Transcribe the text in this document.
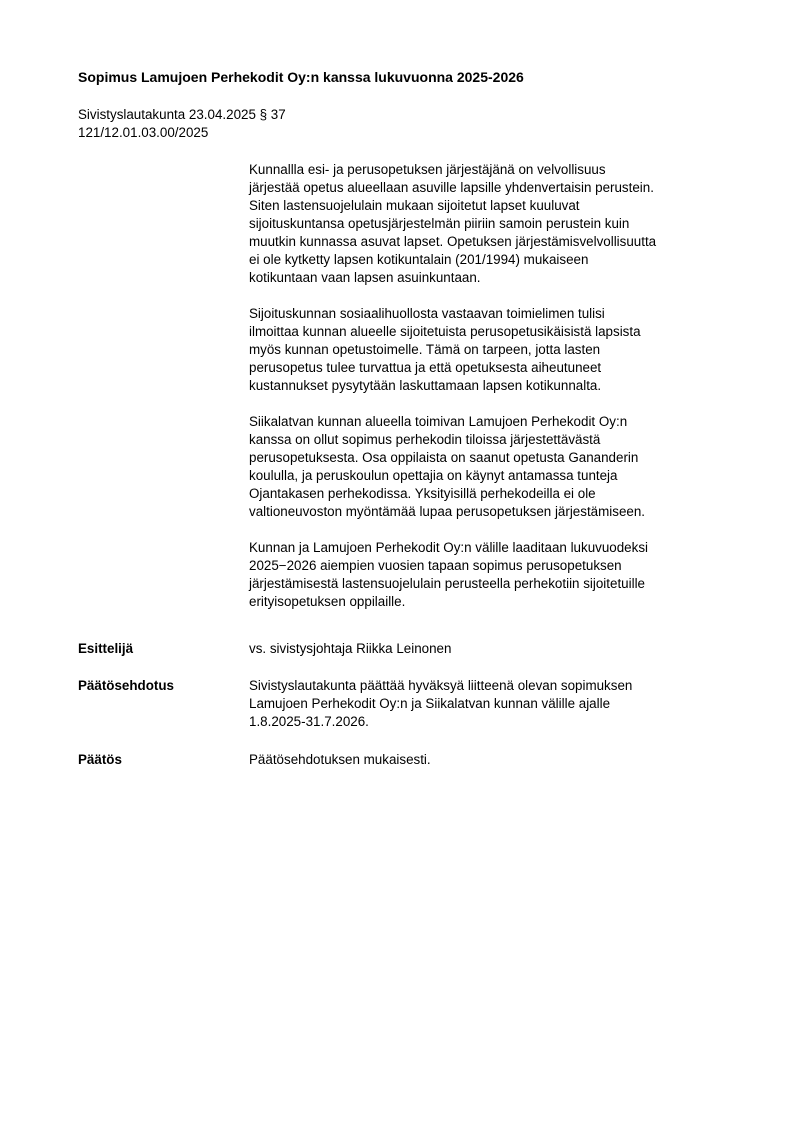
Sopimus Lamujoen Perhekodit Oy:n kanssa lukuvuonna 2025-2026
Sivistyslautakunta 23.04.2025 § 37
121/12.01.03.00/2025
Kunnallla esi- ja perusopetuksen järjestäjänä on velvollisuus
järjestää opetus alueellaan asuville lapsille yhdenvertaisin perustein.
Siten lastensuojelulain mukaan sijoitetut lapset kuuluvat
sijoituskuntansa opetusjärjestelmän piiriin samoin perustein kuin
muutkin kunnassa asuvat lapset. Opetuksen järjestämisvelvollisuutta
ei ole kytketty lapsen kotikuntalain (201/1994) mukaiseen
kotikuntaan vaan lapsen asuinkuntaan.
Sijoituskunnan sosiaalihuollosta vastaavan toimielimen tulisi
ilmoittaa kunnan alueelle sijoitetuista perusopetusikäisistä lapsista
myös kunnan opetustoimelle. Tämä on tarpeen, jotta lasten
perusopetus tulee turvattua ja että opetuksesta aiheutuneet
kustannukset pysytytään laskuttamaan lapsen kotikunnalta.
Siikalatvan kunnan alueella toimivan Lamujoen Perhekodit Oy:n
kanssa on ollut sopimus perhekodin tiloissa järjestettävästä
perusopetuksesta. Osa oppilaista on saanut opetusta Gananderin
koululla, ja peruskoulun opettajia on käynyt antamassa tunteja
Ojantakasen perhekodissa. Yksityisillä perhekodeilla ei ole
valtioneuvoston myöntämää lupaa perusopetuksen järjestämiseen.
Kunnan ja Lamujoen Perhekodit Oy:n välille laaditaan lukuvuodeksi
2025−2026 aiempien vuosien tapaan sopimus perusopetuksen
järjestämisestä lastensuojelulain perusteella perhekotiin sijoitetuille
erityisopetuksen oppilaille.
Esittelijä	vs. sivistysjohtaja Riikka Leinonen
Päätösehdotus	Sivistyslautakunta päättää hyväksyä liitteenä olevan sopimuksen
Lamujoen Perhekodit Oy:n ja Siikalatvan kunnan välille ajalle
1.8.2025-31.7.2026.
Päätös	Päätösehdotuksen mukaisesti.
